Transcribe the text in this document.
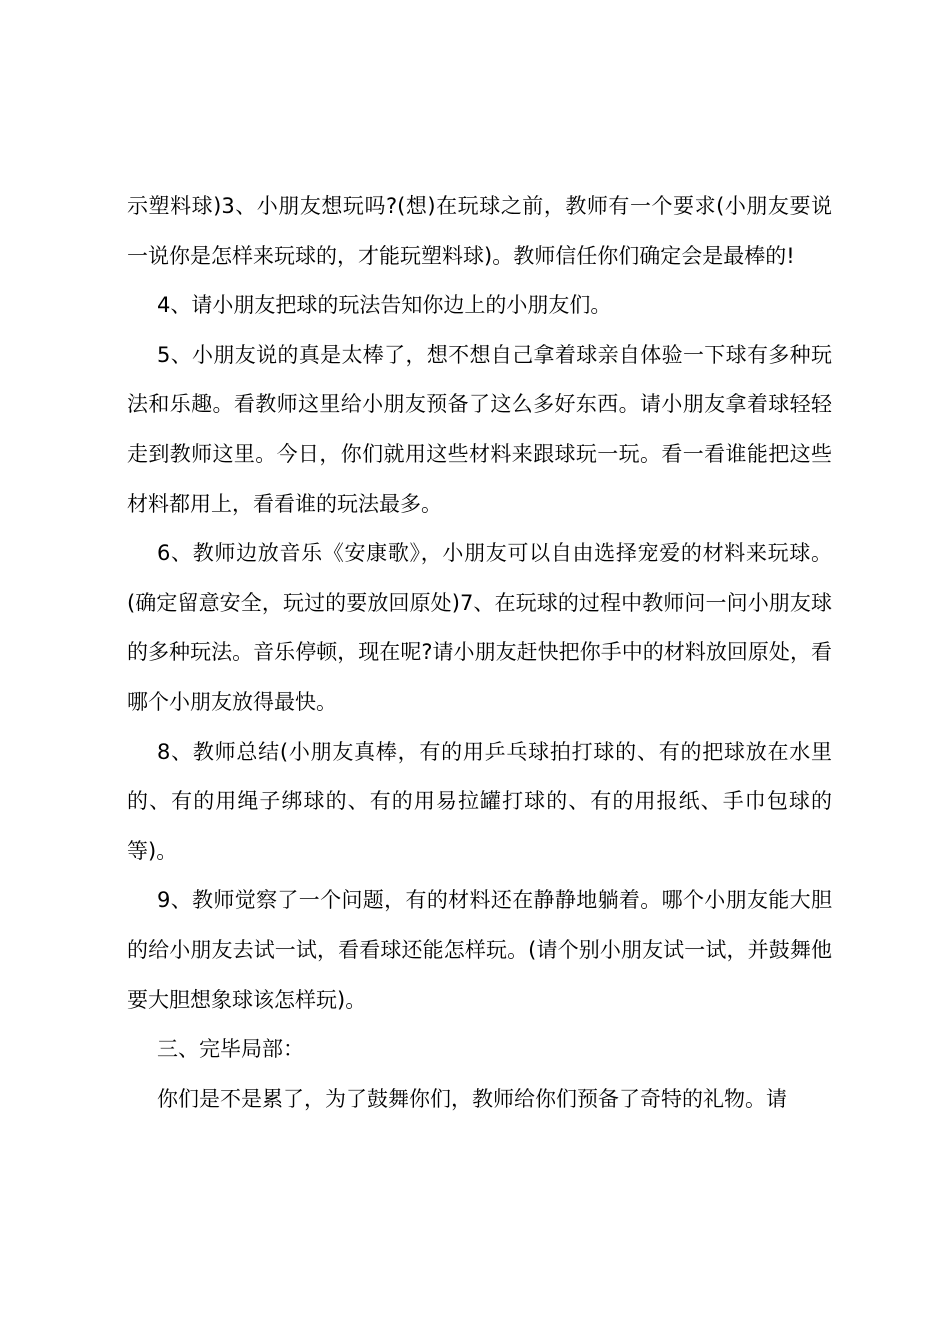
示塑料球)3、小朋友想玩吗?(想)在玩球之前，教师有一个要求(小朋友要说一说你是怎样来玩球的，才能玩塑料球)。教师信任你们确定会是最棒的!

4、请小朋友把球的玩法告知你边上的小朋友们。

5、小朋友说的真是太棒了，想不想自己拿着球亲自体验一下球有多种玩法和乐趣。看教师这里给小朋友预备了这么多好东西。请小朋友拿着球轻轻走到教师这里。今日，你们就用这些材料来跟球玩一玩。看一看谁能把这些材料都用上，看看谁的玩法最多。

6、教师边放音乐《安康歌》，小朋友可以自由选择宠爱的材料来玩球。(确定留意安全，玩过的要放回原处)7、在玩球的过程中教师问一问小朋友球的多种玩法。音乐停顿，现在呢?请小朋友赶快把你手中的材料放回原处，看哪个小朋友放得最快。

8、教师总结(小朋友真棒，有的用乒乓球拍打球的、有的把球放在水里的、有的用绳子绑球的、有的用易拉罐打球的、有的用报纸、手巾包球的等)。

9、教师觉察了一个问题，有的材料还在静静地躺着。哪个小朋友能大胆的给小朋友去试一试，看看球还能怎样玩。(请个别小朋友试一试，并鼓舞他要大胆想象球该怎样玩)。

三、完毕局部：

你们是不是累了，为了鼓舞你们，教师给你们预备了奇特的礼物。请
